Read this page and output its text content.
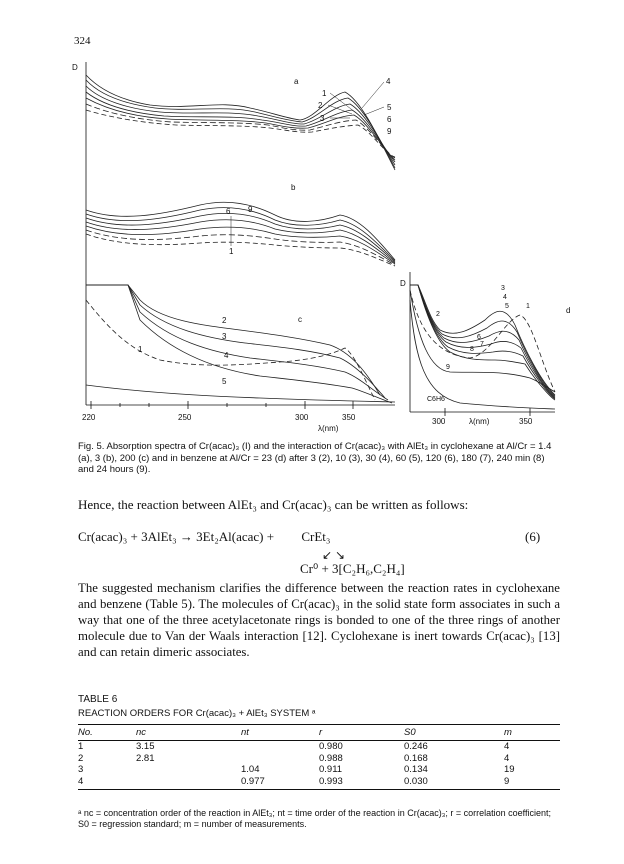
324
a
1
2
3
4
5
6
9
b
6 9
1
c
2
3
1
4
5
D
d
3
4
5
2
6
7
8
1
9
C6H6
D
220	250	300	350
λ(nm)
300	λ(nm)	350
Fig. 5. Absorption spectra of Cr(acac)₃ (I) and the interaction of Cr(acac)₃ with AlEt₃ in cyclohexane at Al/Cr = 1.4 (a), 3 (b), 200 (c) and in benzene at Al/Cr = 23 (d) after 3 (2), 10 (3), 30 (4), 60 (5), 120 (6), 180 (7), 240 min (8) and 24 hours (9).
Hence, the reaction between AlEt₃ and Cr(acac)₃ can be written as follows:
Cr(acac)₃ + 3AlEt₃ → 3Et₂Al(acac) + CrEt₃	(6)
↙ ↘
Cr⁰ + 3[C₂H₆,C₂H₄]
The suggested mechanism clarifies the difference between the reaction rates in cyclohexane and benzene (Table 5). The molecules of Cr(acac)₃ in the solid state form associates in such a way that one of the three acetylacetonate rings is bonded to one of the three rings of another molecule due to Van der Waals interaction [12]. Cyclohexane is inert towards Cr(acac)₃ [13] and can retain dimeric associates.
TABLE 6
REACTION ORDERS FOR Cr(acac)₃ + AlEt₃ SYSTEM ᵃ
No.	nc	nt	r	S0	m
1	3.15		0.980	0.246	4
2	2.81		0.988	0.168	4
3		1.04	0.911	0.134	19
4		0.977	0.993	0.030	9
ᵃ nc = concentration order of the reaction in AlEt₃; nt = time order of the reaction in Cr(acac)₃; r = correlation coefficient; S0 = regression standard; m = number of measurements.
